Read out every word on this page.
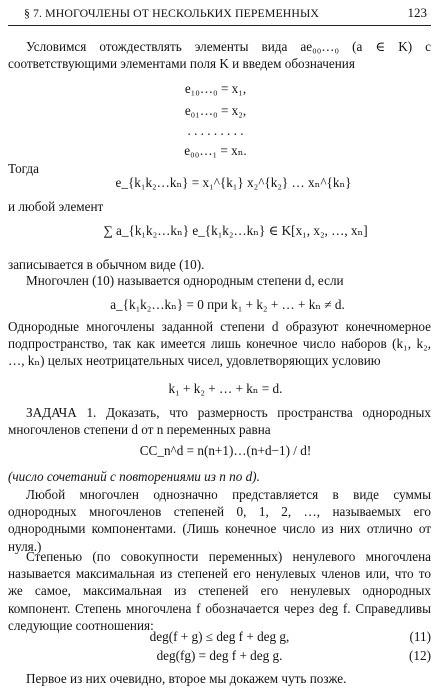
§ 7. МНОГОЧЛЕНЫ ОТ НЕСКОЛЬКИХ ПЕРЕМЕННЫХ	123
Условимся отождествлять элементы вида ae₀₀…₀ (a ∈ K) с соответствующими элементами поля K и введем обозначения
e₁₀…₀ = x₁,
e₀₁…₀ = x₂,
. . . . . . . . .
e₀₀…₁ = xₙ.
Тогда
e_{k₁k₂…kₙ} = x₁^{k₁} x₂^{k₂} … xₙ^{kₙ}
и любой элемент
∑ a_{k₁k₂…kₙ} e_{k₁k₂…kₙ} ∈ K[x₁, x₂, …, xₙ]
записывается в обычном виде (10).
Многочлен (10) называется однородным степени d, если
a_{k₁k₂…kₙ} = 0 при k₁ + k₂ + … + kₙ ≠ d.
Однородные многочлены заданной степени d образуют конечномерное подпространство, так как имеется лишь конечное число наборов (k₁, k₂, …, kₙ) целых неотрицательных чисел, удовлетворяющих условию
k₁ + k₂ + … + kₙ = d.
ЗАДАЧА 1. Доказать, что размерность пространства однородных многочленов степени d от n переменных равна
CC_n^d = n(n+1)…(n+d−1) / d!
(число сочетаний с повторениями из n по d).
Любой многочлен однозначно представляется в виде суммы однородных многочленов степеней 0, 1, 2, …, называемых его однородными компонентами. (Лишь конечное число из них отлично от нуля.)
Степенью (по совокупности переменных) ненулевого многочлена называется максимальная из степеней его ненулевых членов или, что то же самое, максимальная из степеней его ненулевых однородных компонент. Степень многочлена f обозначается через deg f. Справедливы следующие соотношения:
deg(f + g) ≤ deg f + deg g,	(11)
deg(fg) = deg f + deg g.	(12)
Первое из них очевидно, второе мы докажем чуть позже.
